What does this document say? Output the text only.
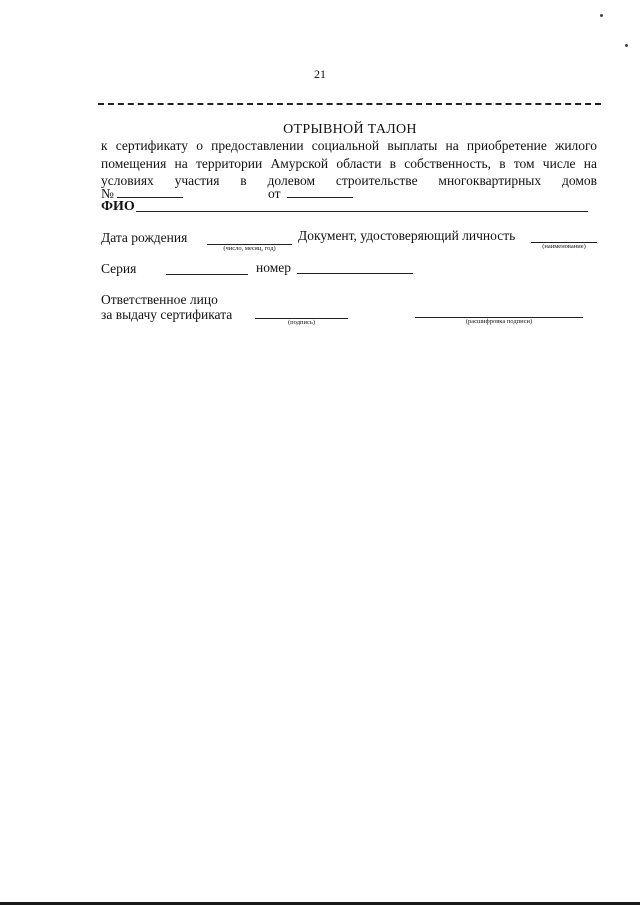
21
ОТРЫВНОЙ ТАЛОН
к сертификату о предоставлении социальной выплаты на приобретение жилого
помещения на территории Амурской области в собственность, в том числе на
условиях участия в долевом строительстве многоквартирных домов
№	от
ФИО
Дата рождения
(число, месяц, год)
Документ, удостоверяющий личность
(наименование)
Серия	номер
Ответственное лицо
за выдачу сертификата
(подпись)	(расшифровка подписи)
